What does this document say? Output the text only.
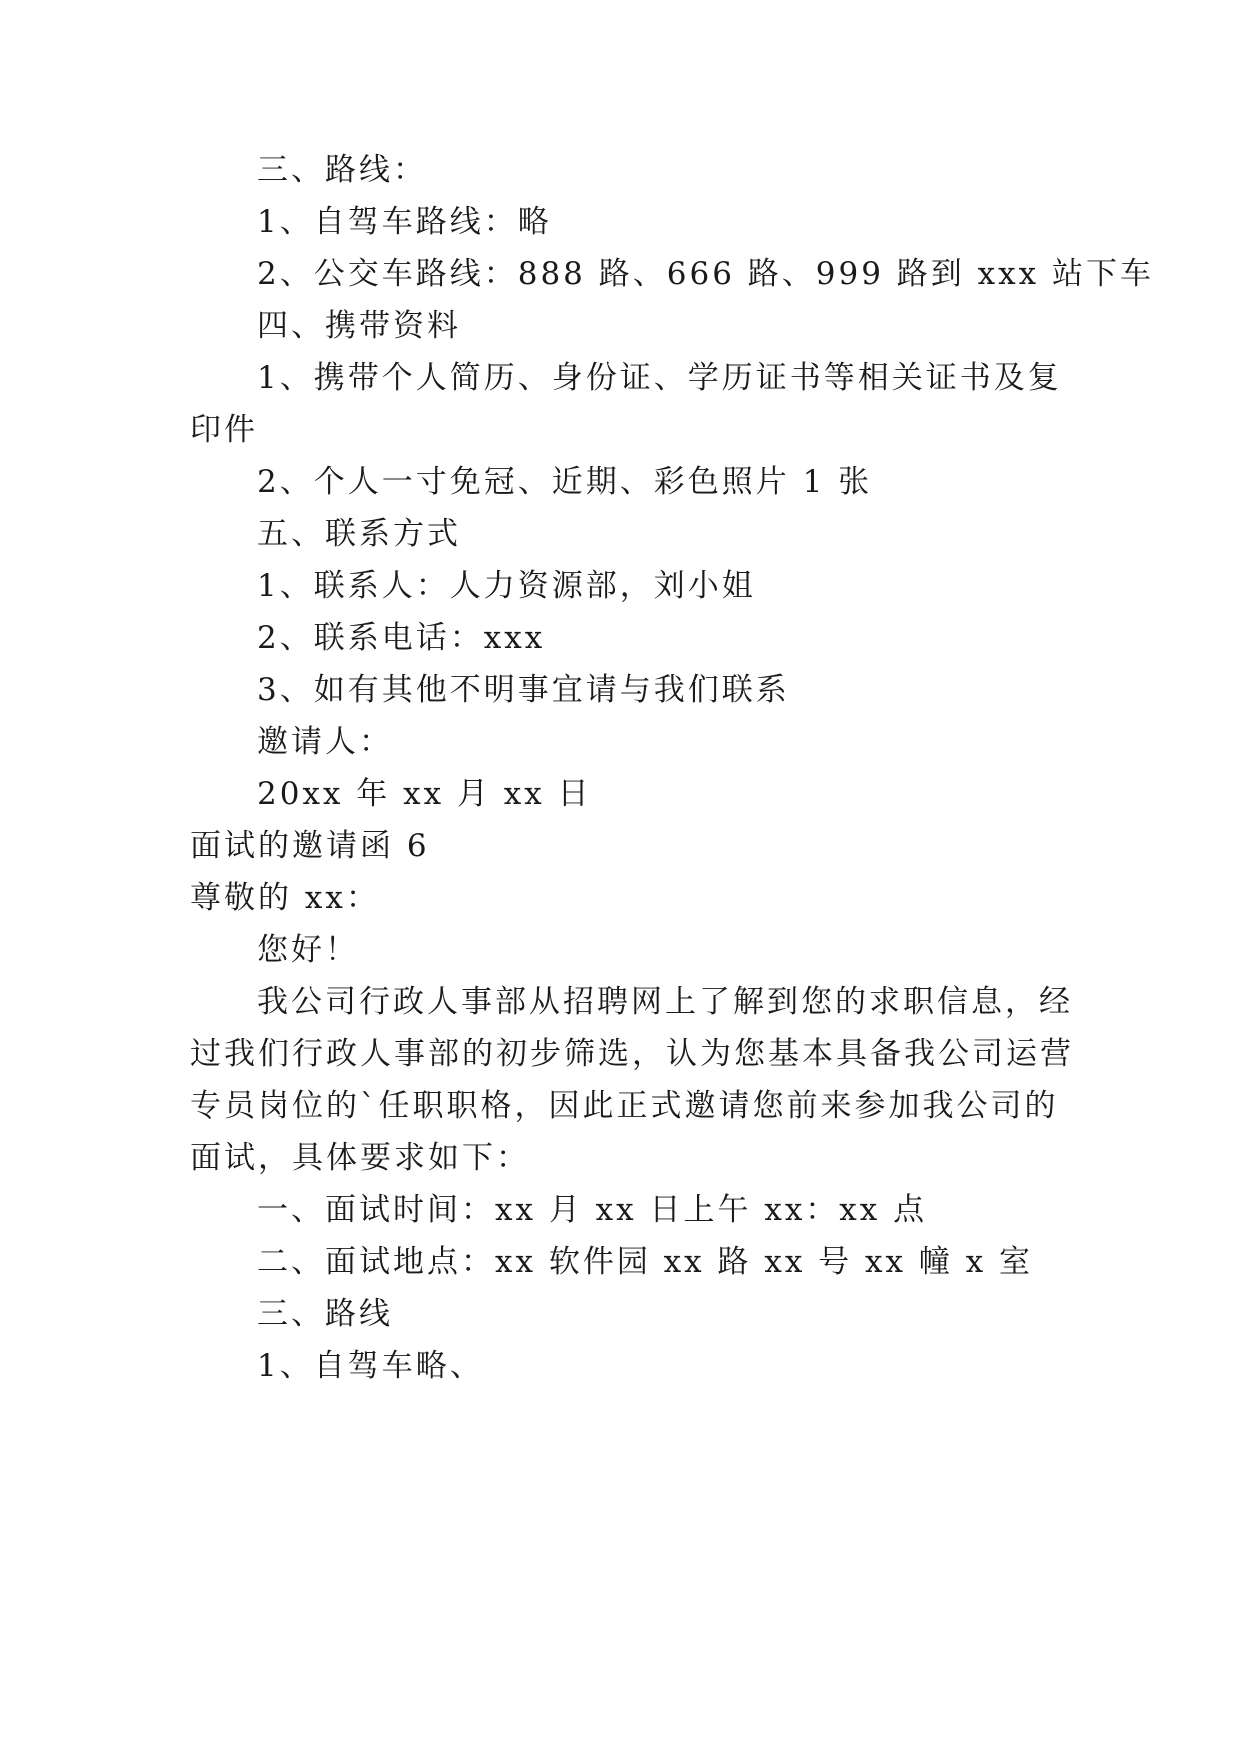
三、路线：

1、自驾车路线：略

2、公交车路线：888 路、666 路、999 路到 xxx 站下车

四、携带资料

1、携带个人简历、身份证、学历证书等相关证书及复

印件

2、个人一寸免冠、近期、彩色照片 1 张

五、联系方式

1、联系人：人力资源部，刘小姐

2、联系电话：xxx

3、如有其他不明事宜请与我们联系

邀请人：

20xx 年 xx 月 xx 日

面试的邀请函 6

尊敬的 xx：

您好！

我公司行政人事部从招聘网上了解到您的求职信息，经

过我们行政人事部的初步筛选，认为您基本具备我公司运营

专员岗位的`任职职格，因此正式邀请您前来参加我公司的

面试，具体要求如下：

一、面试时间：xx 月 xx 日上午 xx：xx 点

二、面试地点：xx 软件园 xx 路 xx 号 xx 幢 x 室

三、路线

1、自驾车略、
